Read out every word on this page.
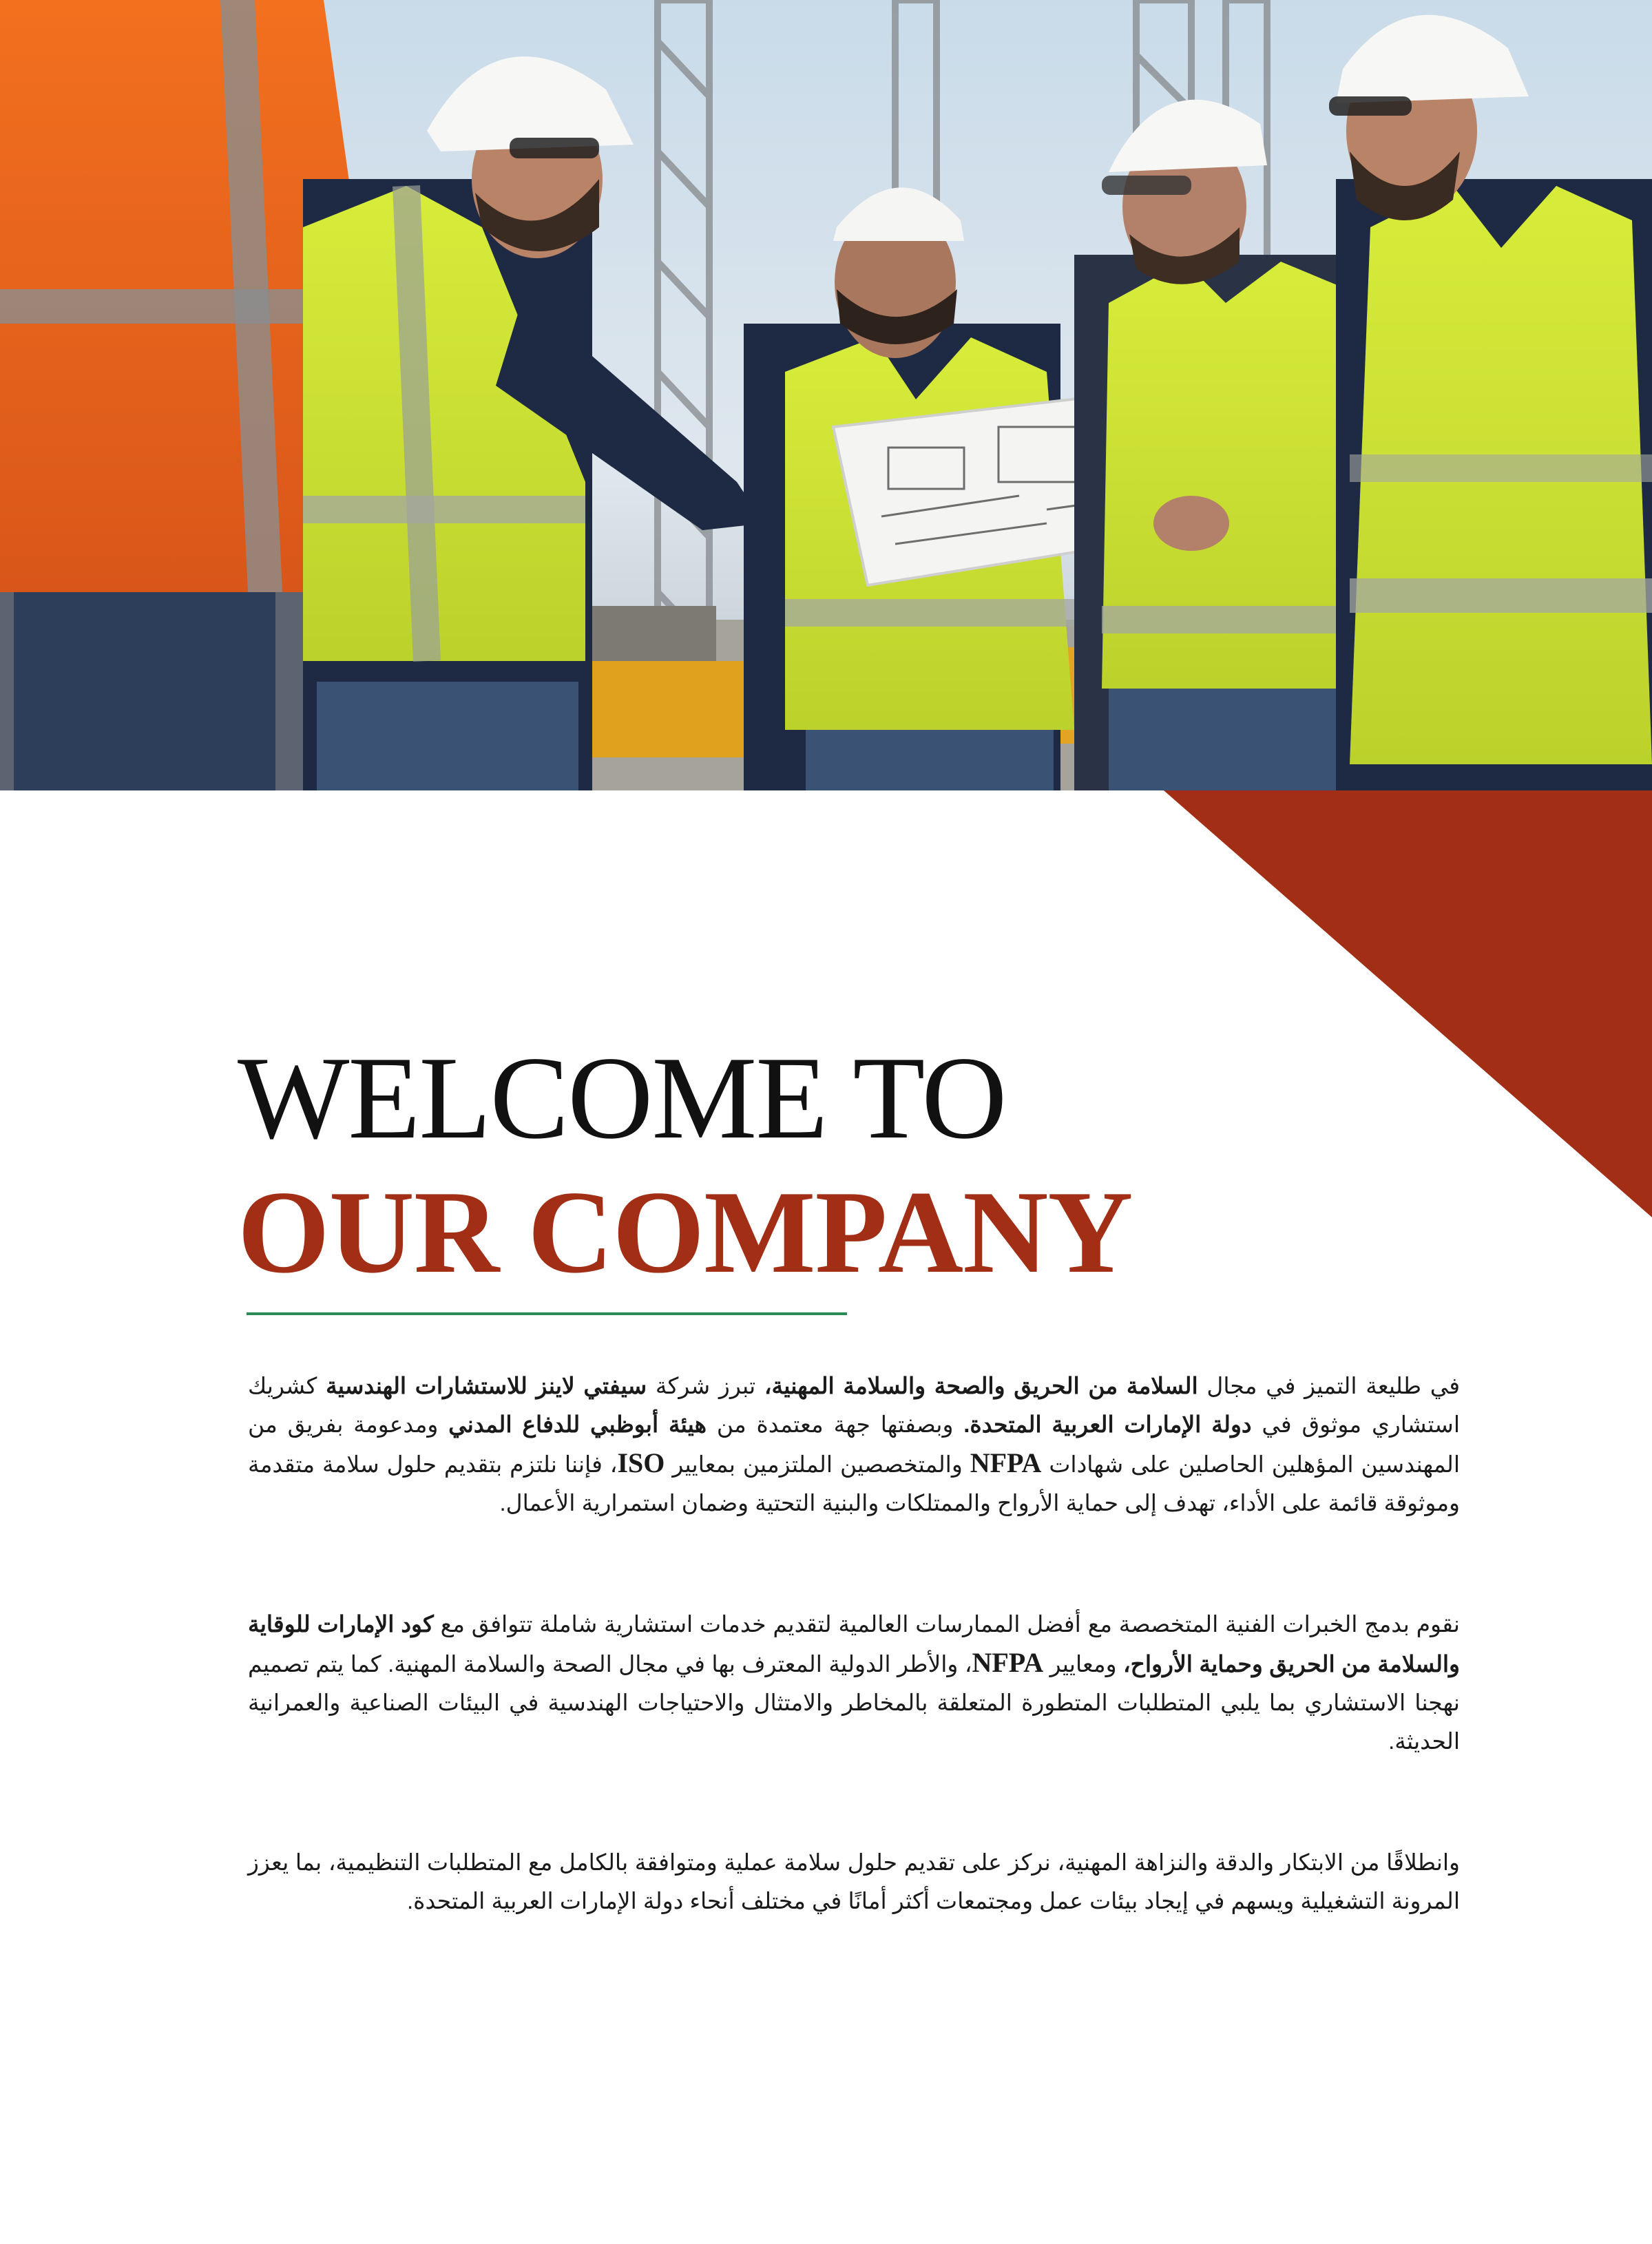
WELCOME TO
OUR COMPANY

في طليعة التميز في مجال السلامة من الحريق والصحة والسلامة المهنية، تبرز شركة سيفتي لاينز للاستشارات الهندسية كشريك استشاري موثوق في دولة الإمارات العربية المتحدة. وبصفتها جهة معتمدة من هيئة أبوظبي للدفاع المدني ومدعومة بفريق من المهندسين المؤهلين الحاصلين على شهادات NFPA والمتخصصين الملتزمين بمعايير ISO، فإننا نلتزم بتقديم حلول سلامة متقدمة وموثوقة قائمة على الأداء، تهدف إلى حماية الأرواح والممتلكات والبنية التحتية وضمان استمرارية الأعمال.

نقوم بدمج الخبرات الفنية المتخصصة مع أفضل الممارسات العالمية لتقديم خدمات استشارية شاملة تتوافق مع كود الإمارات للوقاية والسلامة من الحريق وحماية الأرواح، ومعايير NFPA، والأطر الدولية المعترف بها في مجال الصحة والسلامة المهنية. كما يتم تصميم نهجنا الاستشاري بما يلبي المتطلبات المتطورة المتعلقة بالمخاطر والامتثال والاحتياجات الهندسية في البيئات الصناعية والعمرانية الحديثة.

وانطلاقًا من الابتكار والدقة والنزاهة المهنية، نركز على تقديم حلول سلامة عملية ومتوافقة بالكامل مع المتطلبات التنظيمية، بما يعزز المرونة التشغيلية ويسهم في إيجاد بيئات عمل ومجتمعات أكثر أمانًا في مختلف أنحاء دولة الإمارات العربية المتحدة.
